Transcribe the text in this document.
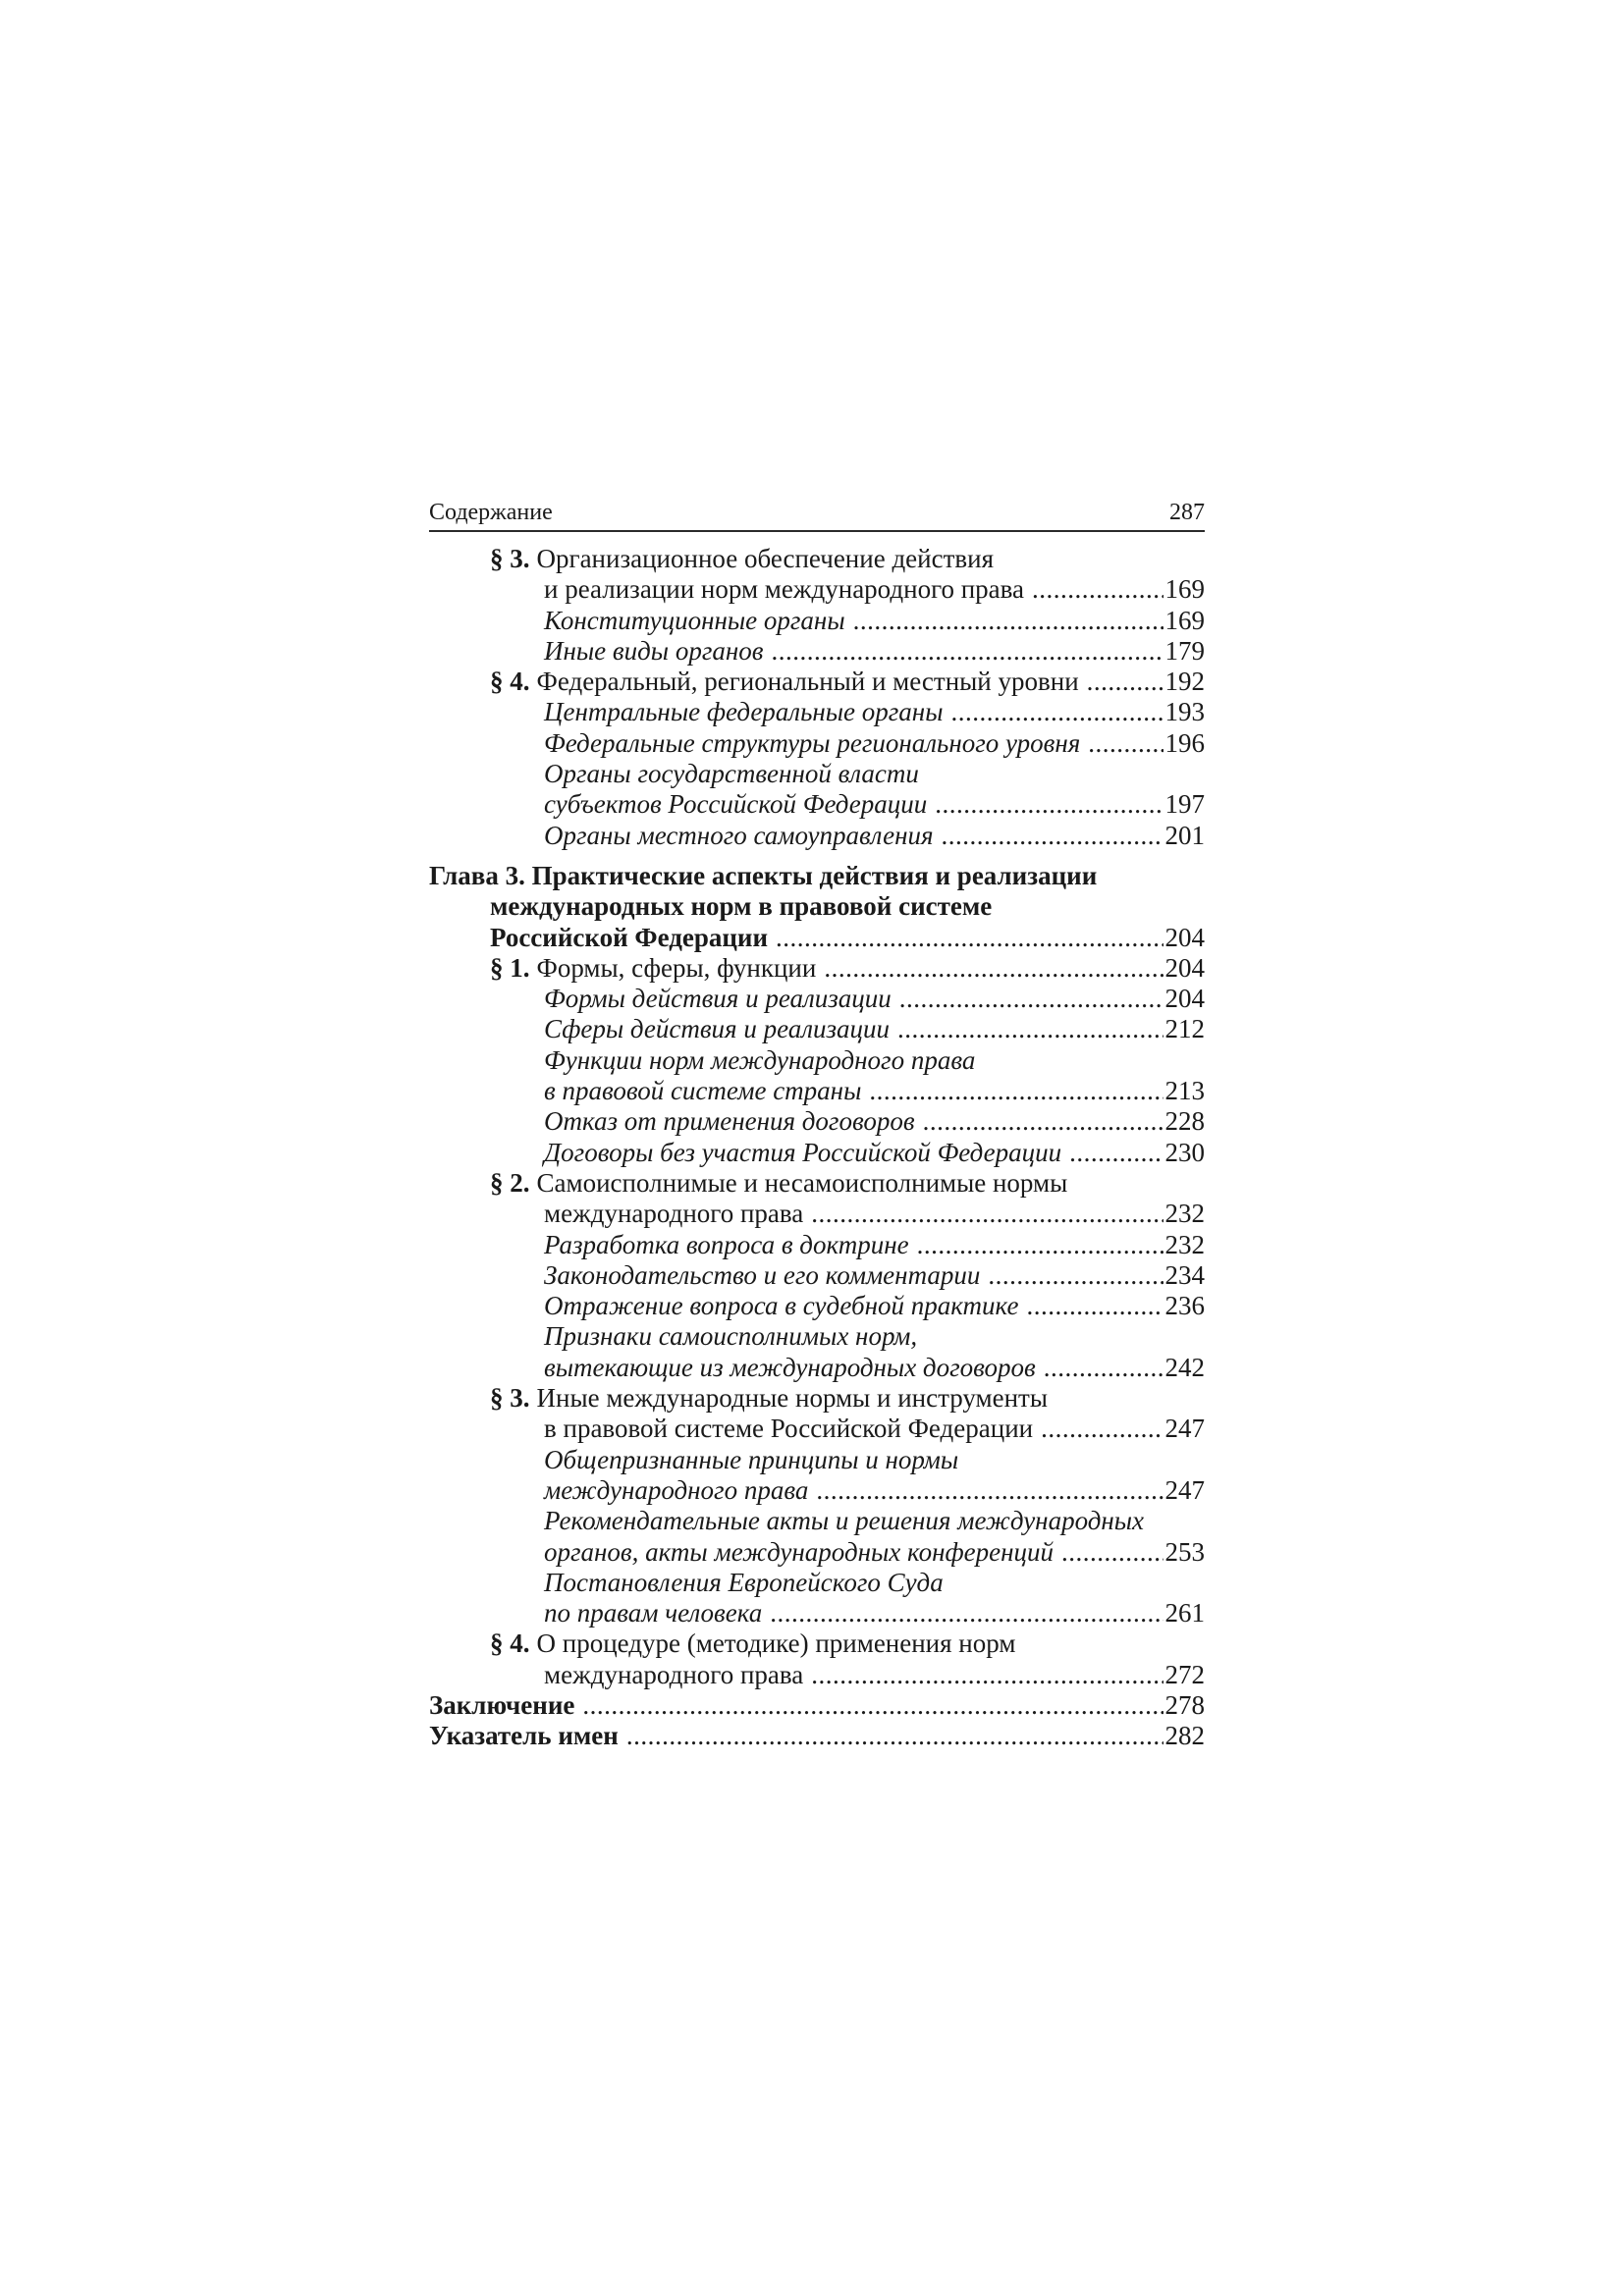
Содержание	287
§ 3. Организационное обеспечение действия
и реализации норм международного права .....	169
Конституционные органы .....	169
Иные виды органов .....	179
§ 4. Федеральный, региональный и местный уровни .....	192
Центральные федеральные органы .....	193
Федеральные структуры регионального уровня .....	196
Органы государственной власти
субъектов Российской Федерации .....	197
Органы местного самоуправления .....	201
Глава 3. Практические аспекты действия и реализации
международных норм в правовой системе
Российской Федерации .....	204
§ 1. Формы, сферы, функции .....	204
Формы действия и реализации .....	204
Сферы действия и реализации .....	212
Функции норм международного права
в правовой системе страны .....	213
Отказ от применения договоров .....	228
Договоры без участия Российской Федерации .....	230
§ 2. Самоисполнимые и несамоисполнимые нормы
международного права .....	232
Разработка вопроса в доктрине .....	232
Законодательство и его комментарии .....	234
Отражение вопроса в судебной практике .....	236
Признаки самоисполнимых норм,
вытекающие из международных договоров .....	242
§ 3. Иные международные нормы и инструменты
в правовой системе Российской Федерации .....	247
Общепризнанные принципы и нормы
международного права .....	247
Рекомендательные акты и решения международных
органов, акты международных конференций .....	253
Постановления Европейского Суда
по правам человека .....	261
§ 4. О процедуре (методике) применения норм
международного права .....	272
Заключение .....	278
Указатель имен .....	282
